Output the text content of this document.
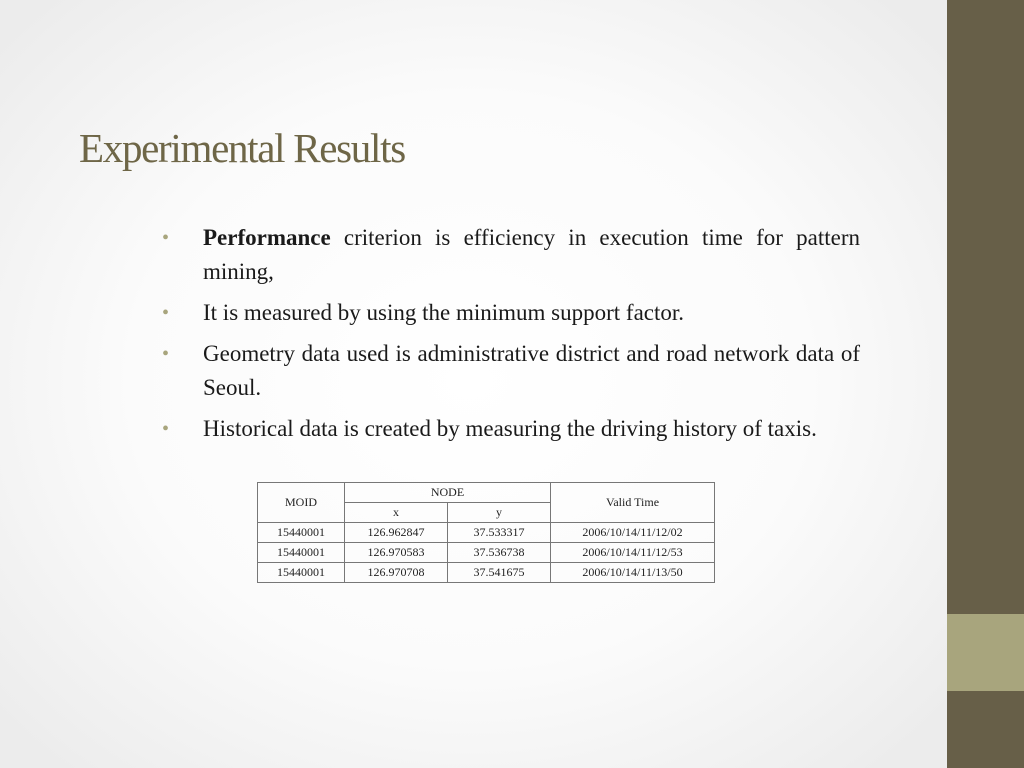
Experimental Results
• Performance criterion is efficiency in execution time for pattern mining,
• It is measured by using the minimum support factor.
• Geometry data used is administrative district and road network data of Seoul.
• Historical data is created by measuring the driving history of taxis.
MOID	NODE		Valid Time
	x	y	
15440001	126.962847	37.533317	2006/10/14/11/12/02
15440001	126.970583	37.536738	2006/10/14/11/12/53
15440001	126.970708	37.541675	2006/10/14/11/13/50
